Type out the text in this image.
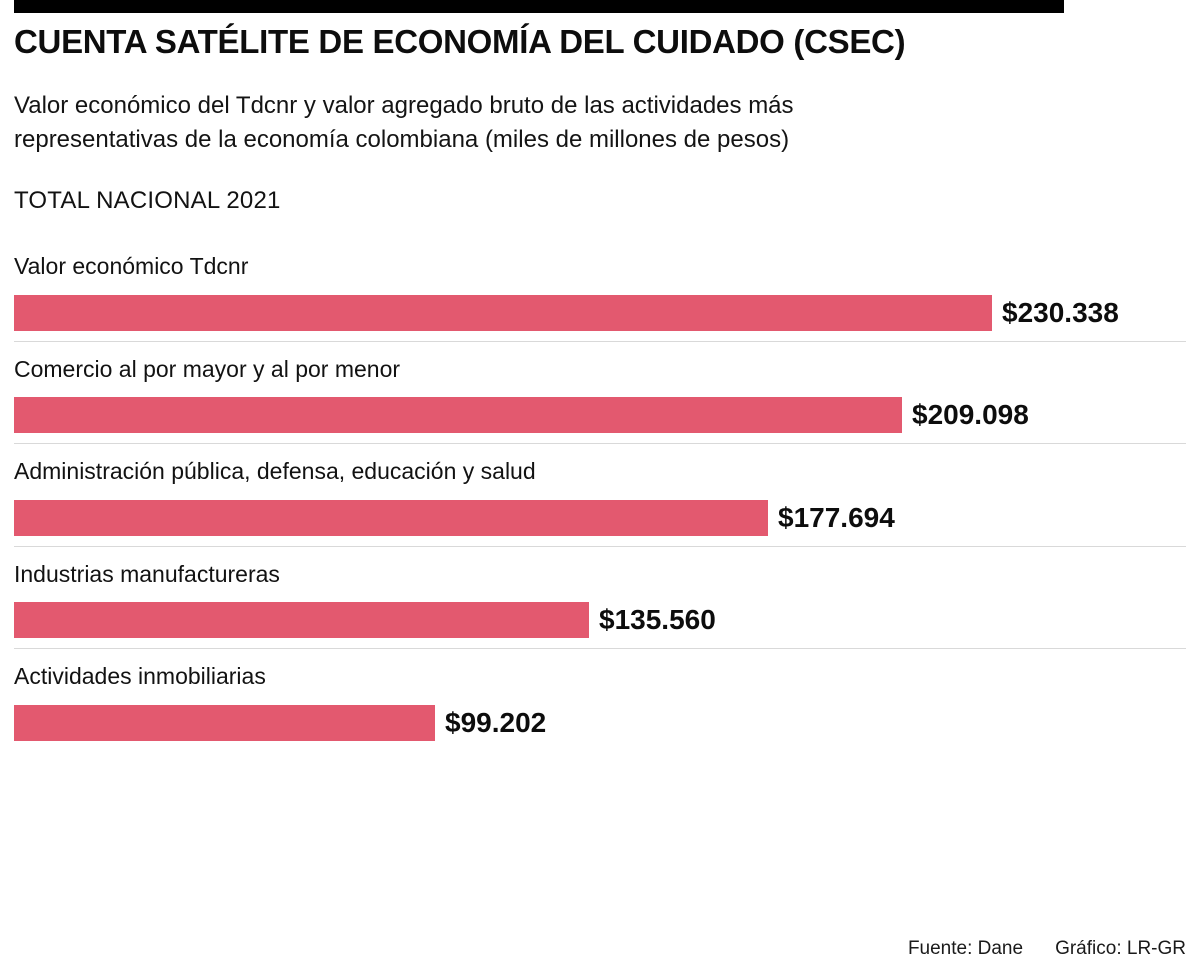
CUENTA SATÉLITE DE ECONOMÍA DEL CUIDADO (CSEC)

Valor económico del Tdcnr y valor agregado bruto de las actividades más representativas de la economía colombiana (miles de millones de pesos)

TOTAL NACIONAL 2021
Valor económico Tdcnr
$230.338
Comercio al por mayor y al por menor
$209.098
Administración pública, defensa, educación y salud
$177.694
Industrias manufactureras
$135.560
Actividades inmobiliarias
$99.202
Fuente: Dane Gráfico: LR-GR
